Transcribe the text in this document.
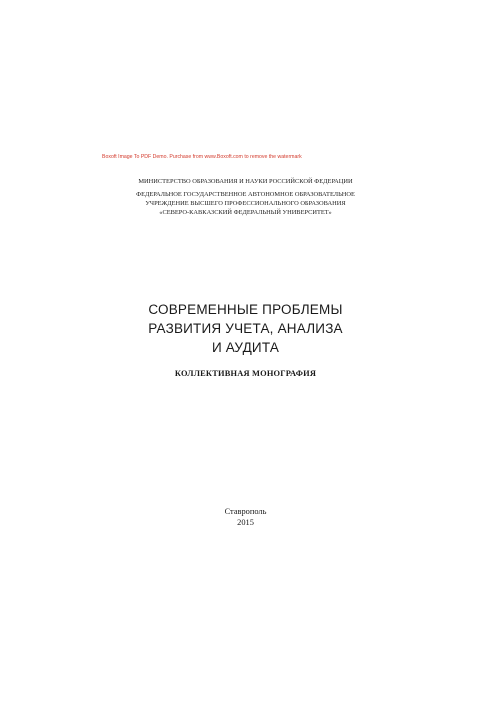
Boxoft Image To PDF Demo. Purchase from www.Boxoft.com to remove the watermark
МИНИСТЕРСТВО ОБРАЗОВАНИЯ И НАУКИ РОССИЙСКОЙ ФЕДЕРАЦИИ
ФЕДЕРАЛЬНОЕ ГОСУДАРСТВЕННОЕ АВТОНОМНОЕ ОБРАЗОВАТЕЛЬНОЕ
УЧРЕЖДЕНИЕ ВЫСШЕГО ПРОФЕССИОНАЛЬНОГО ОБРАЗОВАНИЯ
«СЕВЕРО-КАВКАЗСКИЙ ФЕДЕРАЛЬНЫЙ УНИВЕРСИТЕТ»
СОВРЕМЕННЫЕ ПРОБЛЕМЫ
РАЗВИТИЯ УЧЕТА, АНАЛИЗА
И АУДИТА
КОЛЛЕКТИВНАЯ МОНОГРАФИЯ
Ставрополь
2015
